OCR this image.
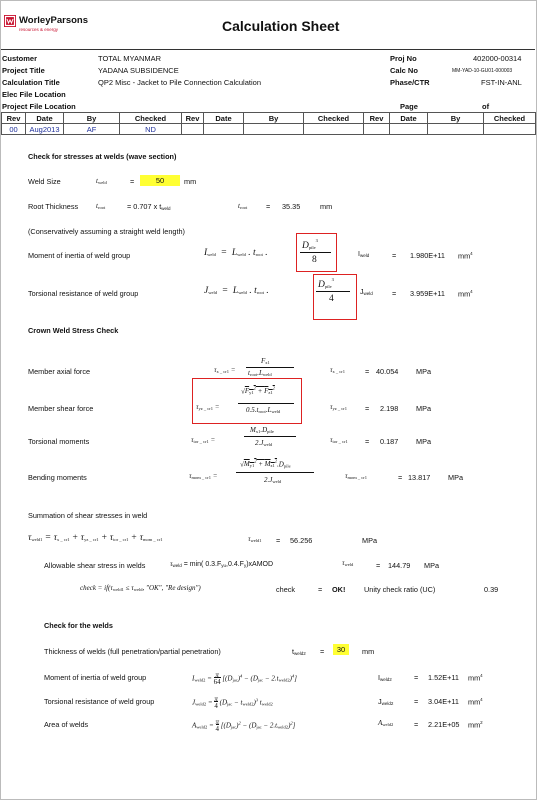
WorleyParsons
resources & energy	Calculation Sheet
Customer	TOTAL MYANMAR
Project Title	YADANA SUBSIDENCE
Calculation Title	QP2 Misc - Jacket to Pile Connection Calculation
Elec File Location
Project File Location
Proj No	402000-00314
Calc No	MM-YAD-10-GU01-000003
Phase/CTR	FST-IN-ANL
Page	of
Rev	Date	By	Checked	Rev	Date	By	Checked	Rev	Date	By	Checked
00	Aug2013	AF	ND								
Check for stresses at welds (wave section)
Weld Size	$t_{weld}$	=	50	mm
Root Thickness	$t_{root}$	= 0.707 x $t_{weld}$	$t_{root}$	= 35.35	mm
(Conservatively assuming a straight weld length)
Moment of inertia of weld group	$I_{weld} = L_{weld}$ . $t_{root}$ .
$D_{pile}^3$
8
$I_{weld}$	= 1.980E+11 $mm^4$
Torsional resistance of weld group	$J_{weld} = L_{weld}$ . $t_{root}$ .
$D_{pile}^3$
4
$J_{weld}$	= 3.959E+11 $mm^4$
Crown Weld Stress Check
Member axial force	$\tau_{x \_ cr1}$ =
$F_{x1}$
$t_{root}.L_{weld}$
$\tau_{x \_ cr1}$	= 40.054 MPa
Member shear force	$\tau_{yz \_ cr1}$ =
$√F_{y1}^2 + F_{z1}^2$
$0.5.t_{root}.L_{weld}$
$\tau_{yz \_ cr1} = 2.198$ MPa
Torsional moments	$\tau_{tor \_ cr1}$ =
$M_{x1}.D_{pile}$
$2.J_{weld}$
$\tau_{tor \_ cr1} = 0.187$ MPa
Bending moments	$\tau_{mom \_ cr1}$ =
$√M_{y1}^2 + M_{z1}^2.D_{pile}$
$2.J_{weld}$
$\tau_{mom \_ cr1}$	= 13.817 MPa
Summation of shear stresses in weld
$\tau_{weld1} = \tau_{x \_ cr1} + \tau_{yz \_ cr1} + \tau_{tor \_ cr1} + \tau_{mom \_ cr1}$	$\tau_{weld1} = 56.256$	MPa
Allowable shear stress in welds	$\tau_{weld} = \min$( $0.3.F_{yu},0.4.F_y)xAMOD$	$\tau_{weld}$	= 144.79 MPa
check = $if(\tau_{weld1} \le \tau_{weld}$, "OK", "Re design")	check	= OK!	Unity check ratio (UC)	0.39
Check for the welds
Thickness of welds (full penetration/partial penetration)	$t_{weld2}$ =	30	mm
Moment of inertia of weld group	$I_{weld2} = \frac{\pi}{64} [(D_{jac})^4 - (D_{jac} - 2.t_{weld2})^4]$	$I_{weld2}$	= 1.52E+11 $mm^4$
Torsional resistance of weld group	$J_{weld2} = \frac{\pi}{4} (D_{jac} - t_{weld2})^3$ $t_{weld2}$	$J_{weld2}$	= 3.04E+11 $mm^4$
Area of welds	$A_{weld2} = \frac{\pi}{4} [(D_{jac})^2 - (D_{jac} - 2.t_{weld2})^2]$	$A_{weld2}$	= 2.21E+05 $mm^2$
